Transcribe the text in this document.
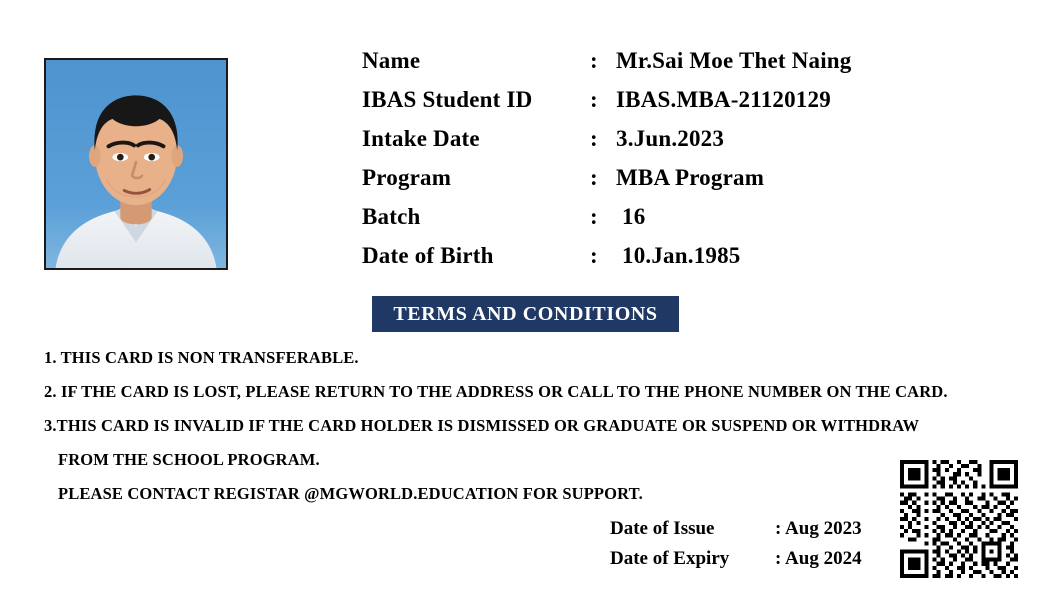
Name	: Mr.Sai Moe Thet Naing
IBAS Student ID	: IBAS.MBA-21120129
Intake Date	: 3.Jun.2023
Program	: MBA Program
Batch	:	16
Date of Birth	:	10.Jan.1985
TERMS AND CONDITIONS
1. THIS CARD IS NON TRANSFERABLE.
2. IF THE CARD IS LOST, PLEASE RETURN TO THE ADDRESS OR CALL TO THE PHONE NUMBER ON THE CARD.
3.THIS CARD IS INVALID IF THE CARD HOLDER IS DISMISSED OR GRADUATE OR SUSPEND OR WITHDRAW
FROM THE SCHOOL PROGRAM.
PLEASE CONTACT REGISTAR @MGWORLD.EDUCATION FOR SUPPORT.
Date of Issue	: Aug 2023
Date of Expiry	: Aug 2024
